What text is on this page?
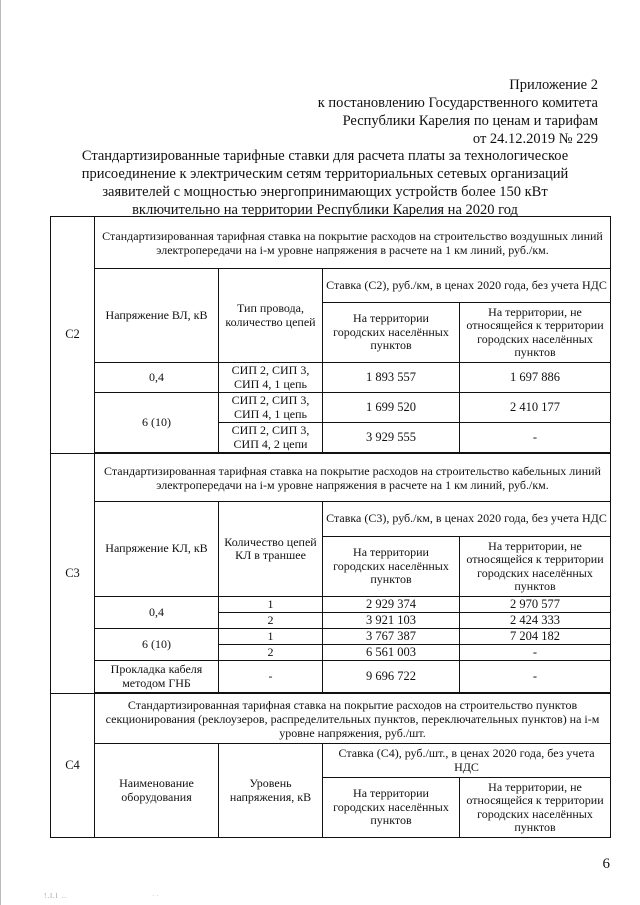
Приложение 2
к постановлению Государственного комитета
Республики Карелия по ценам и тарифам
от 24.12.2019 № 229
Стандартизированные тарифные ставки для расчета платы за технологическое
присоединение к электрическим сетям территориальных сетевых организаций
заявителей с мощностью энергопринимающих устройств более 150 кВт
включительно на территории Республики Карелия на 2020 год
С2	Стандартизированная тарифная ставка на покрытие расходов на строительство воздушных линий электропередачи на i-м уровне напряжения в расчете на 1 км линий, руб./км.			
	Напряжение ВЛ, кВ	Тип провода, количество цепей	Ставка (С2), руб./км, в ценах 2020 года, без учета НДС	
			На территории городских населённых пунктов	На территории, не относящейся к территории городских населённых пунктов
	0,4	СИП 2, СИП 3, СИП 4, 1 цепь	1 893 557	1 697 886
	6 (10)	СИП 2, СИП 3, СИП 4, 1 цепь	1 699 520	2 410 177
		СИП 2, СИП 3, СИП 4, 2 цепи	3 929 555	-

С3	Стандартизированная тарифная ставка на покрытие расходов на строительство кабельных линий электропередачи на i-м уровне напряжения в расчете на 1 км линий, руб./км.			
	Напряжение КЛ, кВ	Количество цепей КЛ в траншее	Ставка (С3), руб./км, в ценах 2020 года, без учета НДС	
			На территории городских населённых пунктов	На территории, не относящейся к территории городских населённых пунктов
	0,4	1	2 929 374	2 970 577
		2	3 921 103	2 424 333
	6 (10)	1	3 767 387	7 204 182
		2	6 561 003	-
	Прокладка кабеля методом ГНБ	-	9 696 722	-

С4	Стандартизированная тарифная ставка на покрытие расходов на строительство пунктов секционирования (реклоузеров, распределительных пунктов, переключательных пунктов) на i-м уровне напряжения, руб./шт.			
	Наименование оборудования	Уровень напряжения, кВ	Ставка (С4), руб./шт., в ценах 2020 года, без учета НДС	
			На территории городских населённых пунктов	На территории, не относящейся к территории городских населённых пунктов
6
!.l.l ..	· ·
